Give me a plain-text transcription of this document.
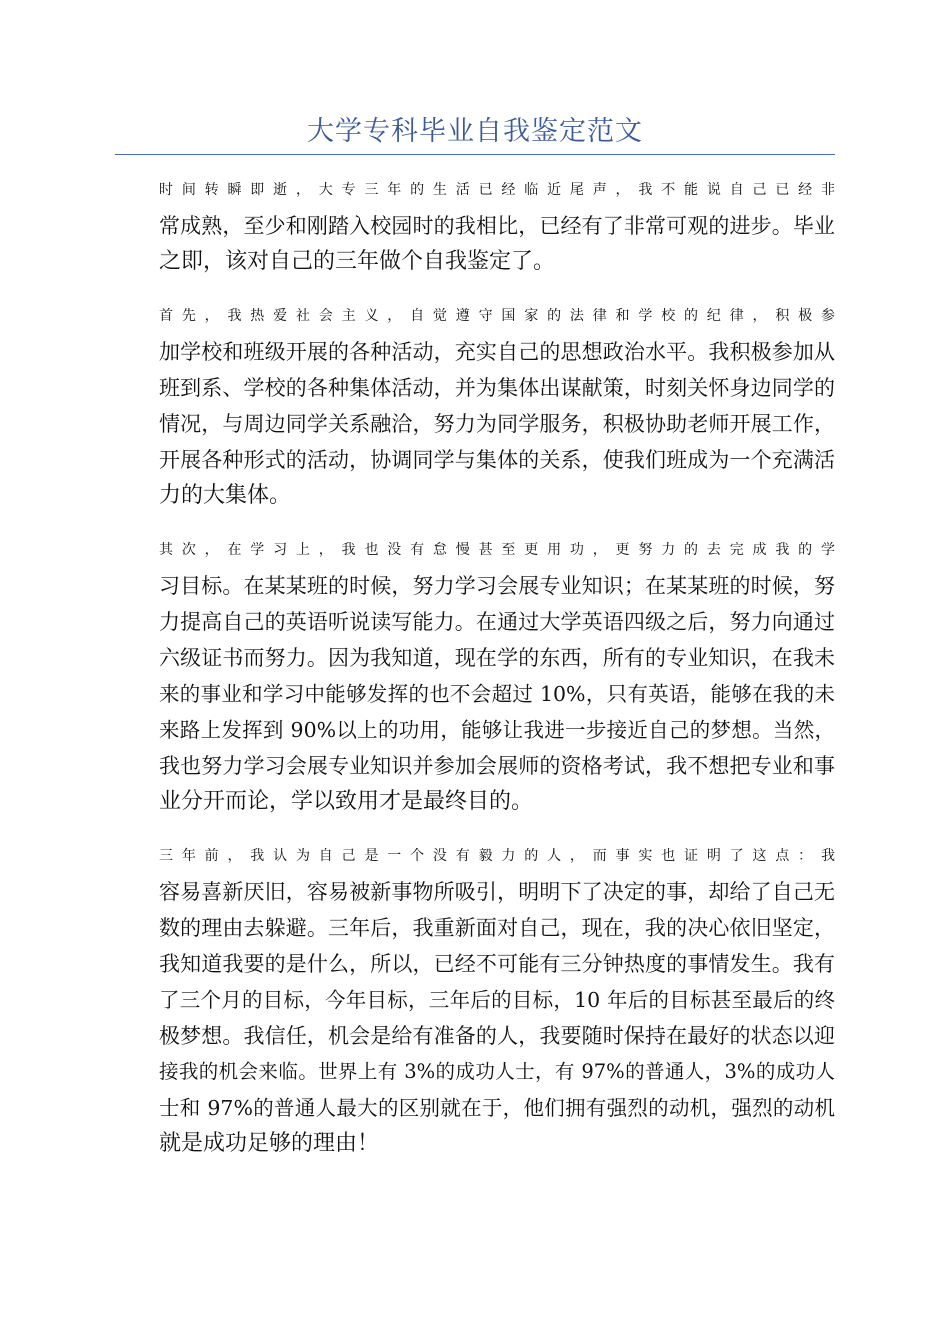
大学专科毕业自我鉴定范文

时间转瞬即逝，大专三年的生活已经临近尾声，我不能说自己已经非
常成熟，至少和刚踏入校园时的我相比，已经有了非常可观的进步。毕业
之即，该对自己的三年做个自我鉴定了。

首先，我热爱社会主义，自觉遵守国家的法律和学校的纪律，积极参
加学校和班级开展的各种活动，充实自己的思想政治水平。我积极参加从
班到系、学校的各种集体活动，并为集体出谋献策，时刻关怀身边同学的
情况，与周边同学关系融洽，努力为同学服务，积极协助老师开展工作，
开展各种形式的活动，协调同学与集体的关系，使我们班成为一个充满活
力的大集体。

其次，在学习上，我也没有怠慢甚至更用功，更努力的去完成我的学
习目标。在某某班的时候，努力学习会展专业知识；在某某班的时候，努
力提高自己的英语听说读写能力。在通过大学英语四级之后，努力向通过
六级证书而努力。因为我知道，现在学的东西，所有的专业知识，在我未
来的事业和学习中能够发挥的也不会超过 10%，只有英语，能够在我的未
来路上发挥到 90%以上的功用，能够让我进一步接近自己的梦想。当然，
我也努力学习会展专业知识并参加会展师的资格考试，我不想把专业和事
业分开而论，学以致用才是最终目的。

三年前，我认为自己是一个没有毅力的人，而事实也证明了这点：我
容易喜新厌旧，容易被新事物所吸引，明明下了决定的事，却给了自己无
数的理由去躲避。三年后，我重新面对自己，现在，我的决心依旧坚定，
我知道我要的是什么，所以，已经不可能有三分钟热度的事情发生。我有
了三个月的目标，今年目标，三年后的目标，10 年后的目标甚至最后的终
极梦想。我信任，机会是给有准备的人，我要随时保持在最好的状态以迎
接我的机会来临。世界上有 3%的成功人士，有 97%的普通人，3%的成功人
士和 97%的普通人最大的区别就在于，他们拥有强烈的动机，强烈的动机
就是成功足够的理由！
